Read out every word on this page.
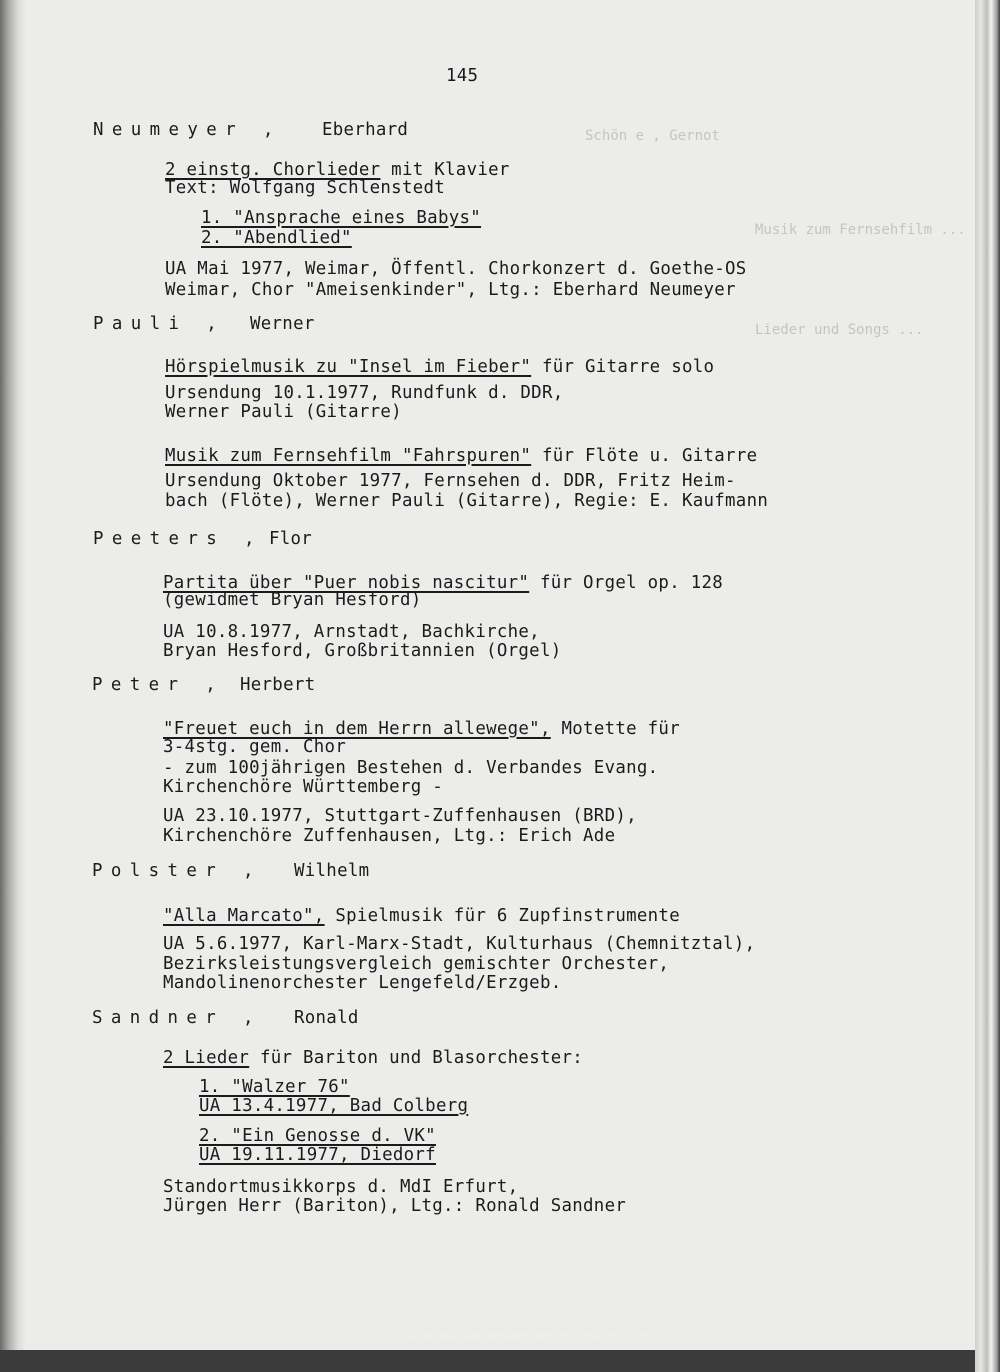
Schön e , Gernot
Musik zum Fernsehfilm ...
Lieder und Songs ...
145
Neumeyer , Eberhard
2 einstg. Chorlieder mit Klavier
Text: Wolfgang Schlenstedt
1. "Ansprache eines Babys"
2. "Abendlied"
UA Mai 1977, Weimar, Öffentl. Chorkonzert d. Goethe-OS
Weimar, Chor "Ameisenkinder", Ltg.: Eberhard Neumeyer
Pauli , Werner
Hörspielmusik zu "Insel im Fieber" für Gitarre solo
Ursendung 10.1.1977, Rundfunk d. DDR,
Werner Pauli (Gitarre)
Musik zum Fernsehfilm "Fahrspuren" für Flöte u. Gitarre
Ursendung Oktober 1977, Fernsehen d. DDR, Fritz Heim-
bach (Flöte), Werner Pauli (Gitarre), Regie: E. Kaufmann
Peeters , Flor
Partita über "Puer nobis nascitur" für Orgel op. 128
(gewidmet Bryan Hesford)
UA 10.8.1977, Arnstadt, Bachkirche,
Bryan Hesford, Großbritannien (Orgel)
Peter , Herbert
"Freuet euch in dem Herrn allewege", Motette für
3-4stg. gem. Chor
- zum 100jährigen Bestehen d. Verbandes Evang.
Kirchenchöre Württemberg -
UA 23.10.1977, Stuttgart-Zuffenhausen (BRD),
Kirchenchöre Zuffenhausen, Ltg.: Erich Ade
Polster , Wilhelm
"Alla Marcato", Spielmusik für 6 Zupfinstrumente
UA 5.6.1977, Karl-Marx-Stadt, Kulturhaus (Chemnitztal),
Bezirksleistungsvergleich gemischter Orchester,
Mandolinenorchester Lengefeld/Erzgeb.
Sandner , Ronald
2 Lieder für Bariton und Blasorchester:
1. "Walzer 76"
UA 13.4.1977, Bad Colberg
2. "Ein Genosse d. VK"
UA 19.11.1977, Diedorf
Standortmusikkorps d. MdI Erfurt,
Jürgen Herr (Bariton), Ltg.: Ronald Sandner
http://digital.slub-dresden.de/ppn30580165Z/155
